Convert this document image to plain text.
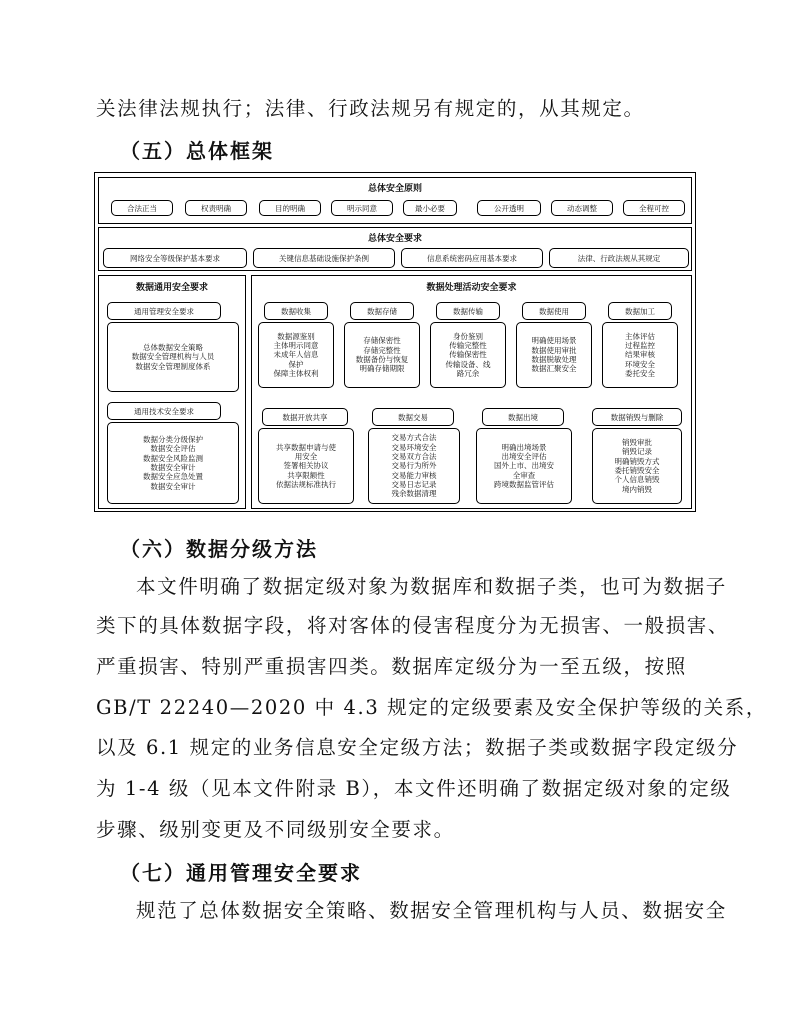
关法律法规执行；法律、行政法规另有规定的，从其规定。
（五）总体框架
总体安全原则
合法正当	权责明确	目的明确	明示同意	最小必要	公开透明	动态调整	全程可控
总体安全要求
网络安全等级保护基本要求	关键信息基础设施保护条例	信息系统密码应用基本要求	法律、行政法规从其规定
数据通用安全要求
通用管理安全要求
总体数据安全策略
数据安全管理机构与人员
数据安全管理制度体系
通用技术安全要求
数据分类分级保护
数据安全评估
数据安全风险监测
数据安全审计
数据安全应急处置
数据安全审计
数据处理活动安全要求
数据收集
数据源鉴别
主体明示同意
未成年人信息
保护
保障主体权利
数据存储
存储保密性
存储完整性
数据备份与恢复
明确存储期限
数据传输
身份鉴别
传输完整性
传输保密性
传输设备、线
路冗余
数据使用
明确使用场景
数据使用审批
数据脱敏处理
数据汇聚安全
数据加工
主体评估
过程监控
结果审核
环境安全
委托安全
数据开放共享
共享数据申请与使
用安全
签署相关协议
共享限额性
依据法规标准执行
数据交易
交易方式合法
交易环境安全
交易双方合法
交易行为所外
交易能力审核
交易日志记录
残余数据清理
数据出境
明确出境场景
出境安全评估
国外上市、出境安
全审查
跨境数据监管评估
数据销毁与删除
销毁审批
销毁记录
明确销毁方式
委托销毁安全
个人信息销毁
境内销毁
（六）数据分级方法
本文件明确了数据定级对象为数据库和数据子类，也可为数据子
类下的具体数据字段，将对客体的侵害程度分为无损害、一般损害、
严重损害、特别严重损害四类。数据库定级分为一至五级，按照
GB/T 22240—2020 中 4.3 规定的定级要素及安全保护等级的关系，
以及 6.1 规定的业务信息安全定级方法；数据子类或数据字段定级分
为 1-4 级（见本文件附录 B），本文件还明确了数据定级对象的定级
步骤、级别变更及不同级别安全要求。
（七）通用管理安全要求
规范了总体数据安全策略、数据安全管理机构与人员、数据安全
